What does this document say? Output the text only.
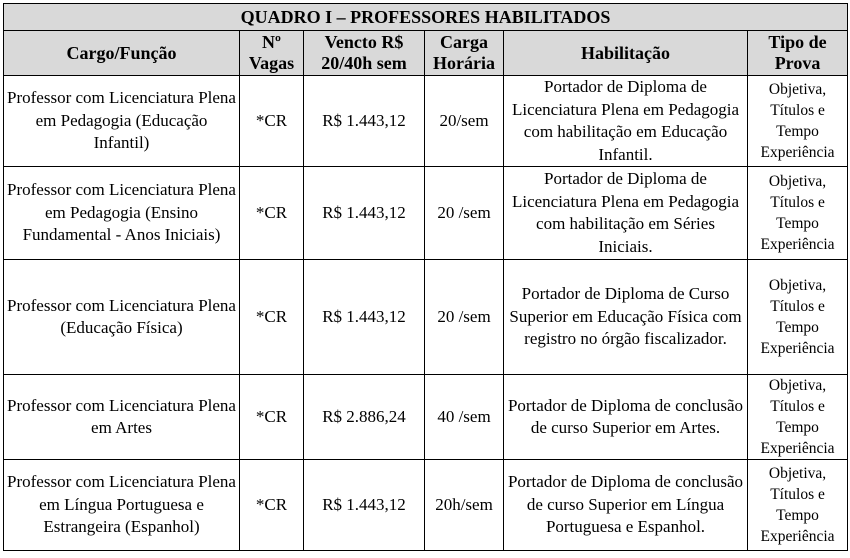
QUADRO I – PROFESSORES HABILITADOS					
Cargo/Função	Nº Vagas	Vencto R$ 20/40h sem	Carga Horária	Habilitação	Tipo de Prova
Professor com Licenciatura Plena em Pedagogia (Educação Infantil)	*CR	R$ 1.443,12	20/sem	Portador de Diploma de Licenciatura Plena em Pedagogia com habilitação em Educação Infantil.	Objetiva, Títulos e Tempo Experiência
Professor com Licenciatura Plena em Pedagogia (Ensino Fundamental - Anos Iniciais)	*CR	R$ 1.443,12	20 /sem	Portador de Diploma de Licenciatura Plena em Pedagogia com habilitação em Séries Iniciais.	Objetiva, Títulos e Tempo Experiência
Professor com Licenciatura Plena (Educação Física)	*CR	R$ 1.443,12	20 /sem	Portador de Diploma de Curso Superior em Educação Física com registro no órgão fiscalizador.	Objetiva, Títulos e Tempo Experiência
Professor com Licenciatura Plena em Artes	*CR	R$ 2.886,24	40 /sem	Portador de Diploma de conclusão de curso Superior em Artes.	Objetiva, Títulos e Tempo Experiência
Professor com Licenciatura Plena em Língua Portuguesa e Estrangeira (Espanhol)	*CR	R$ 1.443,12	20h/sem	Portador de Diploma de conclusão de curso Superior em Língua Portuguesa e Espanhol.	Objetiva, Títulos e Tempo Experiência
